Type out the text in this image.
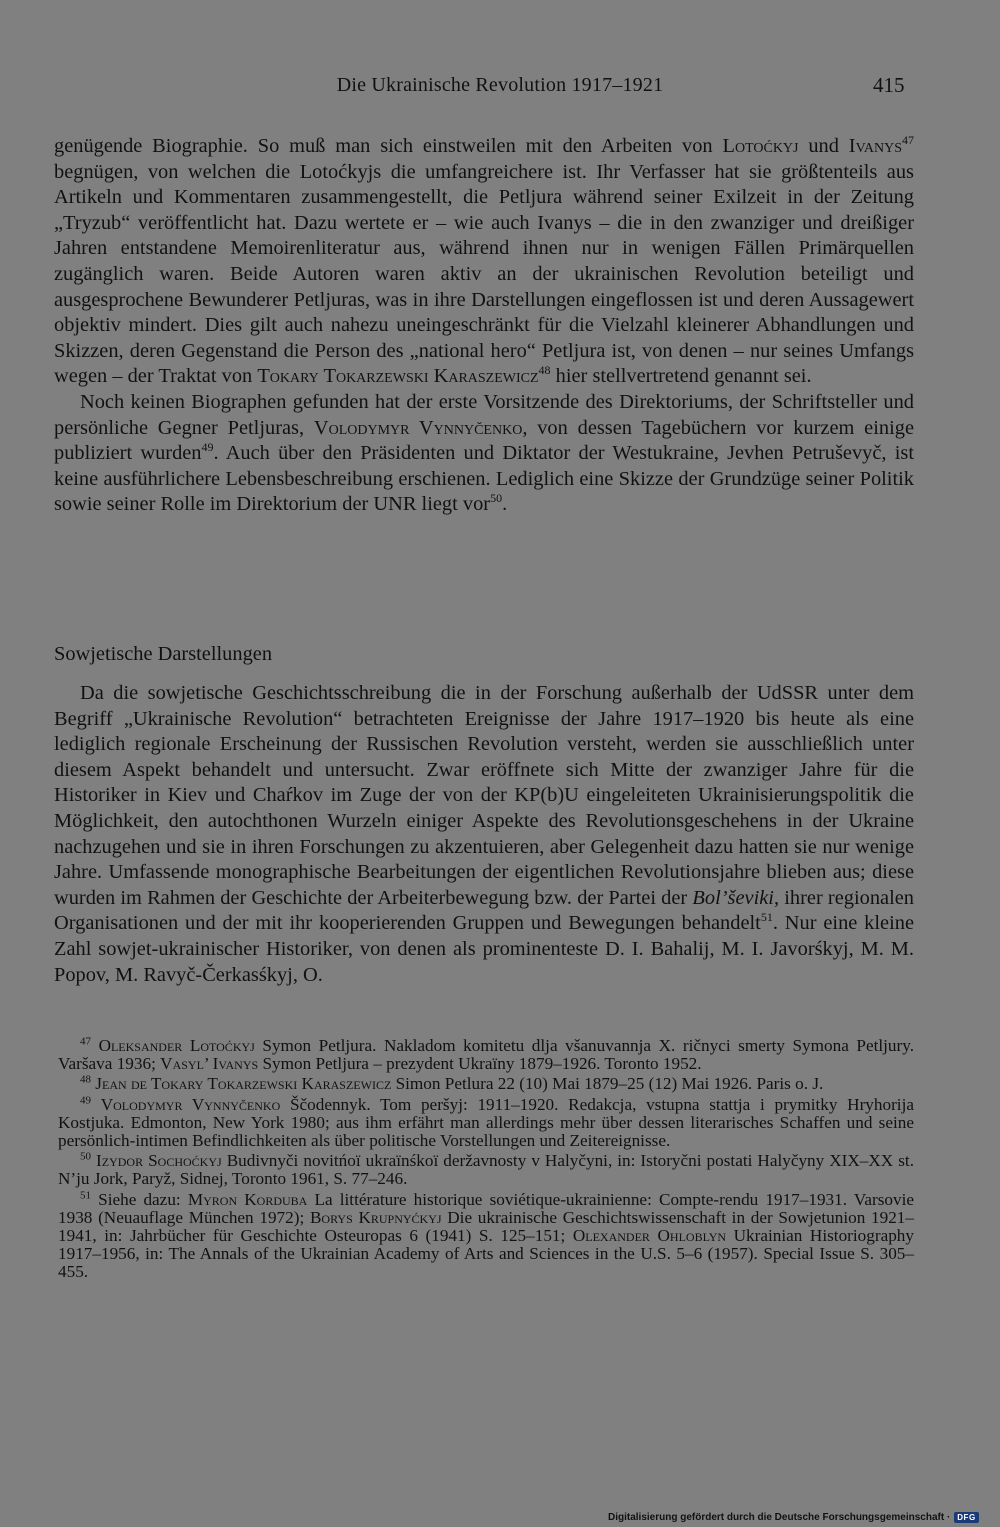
Die Ukrainische Revolution 1917–1921	415

genügende Biographie. So muß man sich einstweilen mit den Arbeiten von Lotoćkyj und Ivanys$^{47}$ begnügen, von welchen die Lotoćkyjs die umfangreichere ist. Ihr Verfasser hat sie größtenteils aus Artikeln und Kommentaren zusammengestellt, die Petljura während seiner Exilzeit in der Zeitung „Tryzub“ veröffentlicht hat. Dazu wertete er – wie auch Ivanys – die in den zwanziger und dreißiger Jahren entstandene Memoirenliteratur aus, während ihnen nur in wenigen Fällen Primärquellen zugänglich waren. Beide Autoren waren aktiv an der ukrainischen Revolution beteiligt und ausgesprochene Bewunderer Petljuras, was in ihre Darstellungen eingeflossen ist und deren Aussagewert objektiv mindert. Dies gilt auch nahezu uneingeschränkt für die Vielzahl kleinerer Abhandlungen und Skizzen, deren Gegenstand die Person des „national hero“ Petljura ist, von denen – nur seines Umfangs wegen – der Traktat von Tokary Tokarzewski Karaszewicz$^{48}$ hier stellvertretend genannt sei.

Noch keinen Biographen gefunden hat der erste Vorsitzende des Direktoriums, der Schriftsteller und persönliche Gegner Petljuras, Volodymyr Vynnyčenko, von dessen Tagebüchern vor kurzem einige publiziert wurden$^{49}$. Auch über den Präsidenten und Diktator der Westukraine, Jevhen Petruševyč, ist keine ausführlichere Lebensbeschreibung erschienen. Lediglich eine Skizze der Grundzüge seiner Politik sowie seiner Rolle im Direktorium der UNR liegt vor$^{50}$.

Sowjetische Darstellungen

Da die sowjetische Geschichtsschreibung die in der Forschung außerhalb der UdSSR unter dem Begriff „Ukrainische Revolution“ betrachteten Ereignisse der Jahre 1917–1920 bis heute als eine lediglich regionale Erscheinung der Russischen Revolution versteht, werden sie ausschließlich unter diesem Aspekt behandelt und untersucht. Zwar eröffnete sich Mitte der zwanziger Jahre für die Historiker in Kiev und Chaŕkov im Zuge der von der KP(b)U eingeleiteten Ukrainisierungspolitik die Möglichkeit, den autochthonen Wurzeln einiger Aspekte des Revolutionsgeschehens in der Ukraine nachzugehen und sie in ihren Forschungen zu akzentuieren, aber Gelegenheit dazu hatten sie nur wenige Jahre. Umfassende monographische Bearbeitungen der eigentlichen Revolutionsjahre blieben aus; diese wurden im Rahmen der Geschichte der Arbeiterbewegung bzw. der Partei der Bol’ševiki, ihrer regionalen Organisationen und der mit ihr kooperierenden Gruppen und Bewegungen behandelt$^{51}$. Nur eine kleine Zahl sowjet-ukrainischer Historiker, von denen als prominenteste D. I. Bahalij, M. I. Javorśkyj, M. M. Popov, M. Ravyč-Čerkasśkyj, O.

$^{47}$ Oleksander Lotoćkyj Symon Petljura. Nakladom komitetu dlja všanuvannja X. ričnyci smerty Symona Petljury. Varšava 1936; Vasyl’ Ivanys Symon Petljura – prezydent Ukraïny 1879–1926. Toronto 1952.

$^{48}$ Jean de Tokary Tokarzewski Karaszewicz Simon Petlura 22 (10) Mai 1879–25 (12) Mai 1926. Paris o. J.

$^{49}$ Volodymyr Vynnyčenko Ščodennyk. Tom peršyj: 1911–1920. Redakcja, vstupna stattja i prymitky Hryhorija Kostjuka. Edmonton, New York 1980; aus ihm erfährt man allerdings mehr über dessen literarisches Schaffen und seine persönlich-intimen Befindlichkeiten als über politische Vorstellungen und Zeitereignisse.

$^{50}$ Izydor Sochoćkyj Budivnyči novitńoï ukraïnśkoï deržavnosty v Halyčyni, in: Istoryčni postati Halyčyny XIX–XX st. N’ju Jork, Paryž, Sidnej, Toronto 1961, S. 77–246.

$^{51}$ Siehe dazu: Myron Korduba La littérature historique soviétique-ukrainienne: Compte-rendu 1917–1931. Varsovie 1938 (Neuauflage München 1972); Borys Krupnyćkyj Die ukrainische Geschichtswissenschaft in der Sowjetunion 1921–1941, in: Jahrbücher für Geschichte Osteuropas 6 (1941) S. 125–151; Olexander Ohloblyn Ukrainian Historiography 1917–1956, in: The Annals of the Ukrainian Academy of Arts and Sciences in the U.S. 5–6 (1957). Special Issue S. 305–455.

Digitalisierung gefördert durch die Deutsche Forschungsgemeinschaft · DFG
